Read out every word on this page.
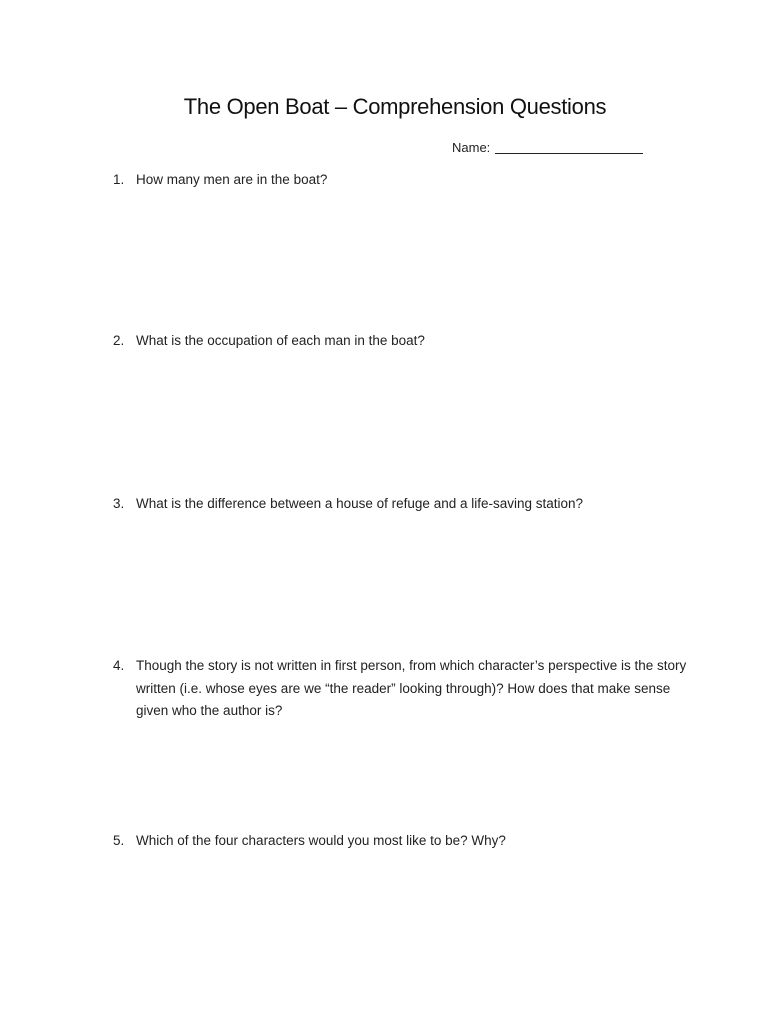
The Open Boat – Comprehension Questions
Name:
1. How many men are in the boat?
2. What is the occupation of each man in the boat?
3. What is the difference between a house of refuge and a life-saving station?
4. Though the story is not written in first person, from which character’s perspective is the story written (i.e. whose eyes are we “the reader” looking through)? How does that make sense given who the author is?
5. Which of the four characters would you most like to be? Why?
